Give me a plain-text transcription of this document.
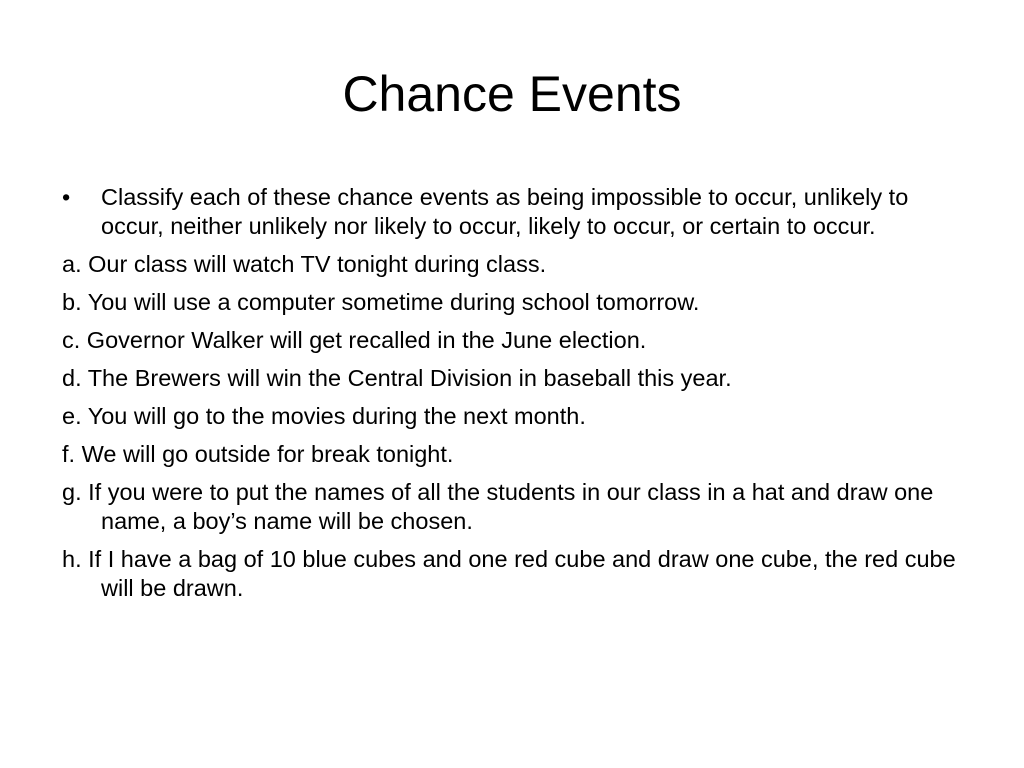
Chance Events
• Classify each of these chance events as being impossible to occur, unlikely to occur, neither unlikely nor likely to occur, likely to occur, or certain to occur.

a. Our class will watch TV tonight during class.

b. You will use a computer sometime during school tomorrow.

c. Governor Walker will get recalled in the June election.

d. The Brewers will win the Central Division in baseball this year.

e. You will go to the movies during the next month.

f. We will go outside for break tonight.

g. If you were to put the names of all the students in our class in a hat and draw one name, a boy’s name will be chosen.

h. If I have a bag of 10 blue cubes and one red cube and draw one cube, the red cube will be drawn.
